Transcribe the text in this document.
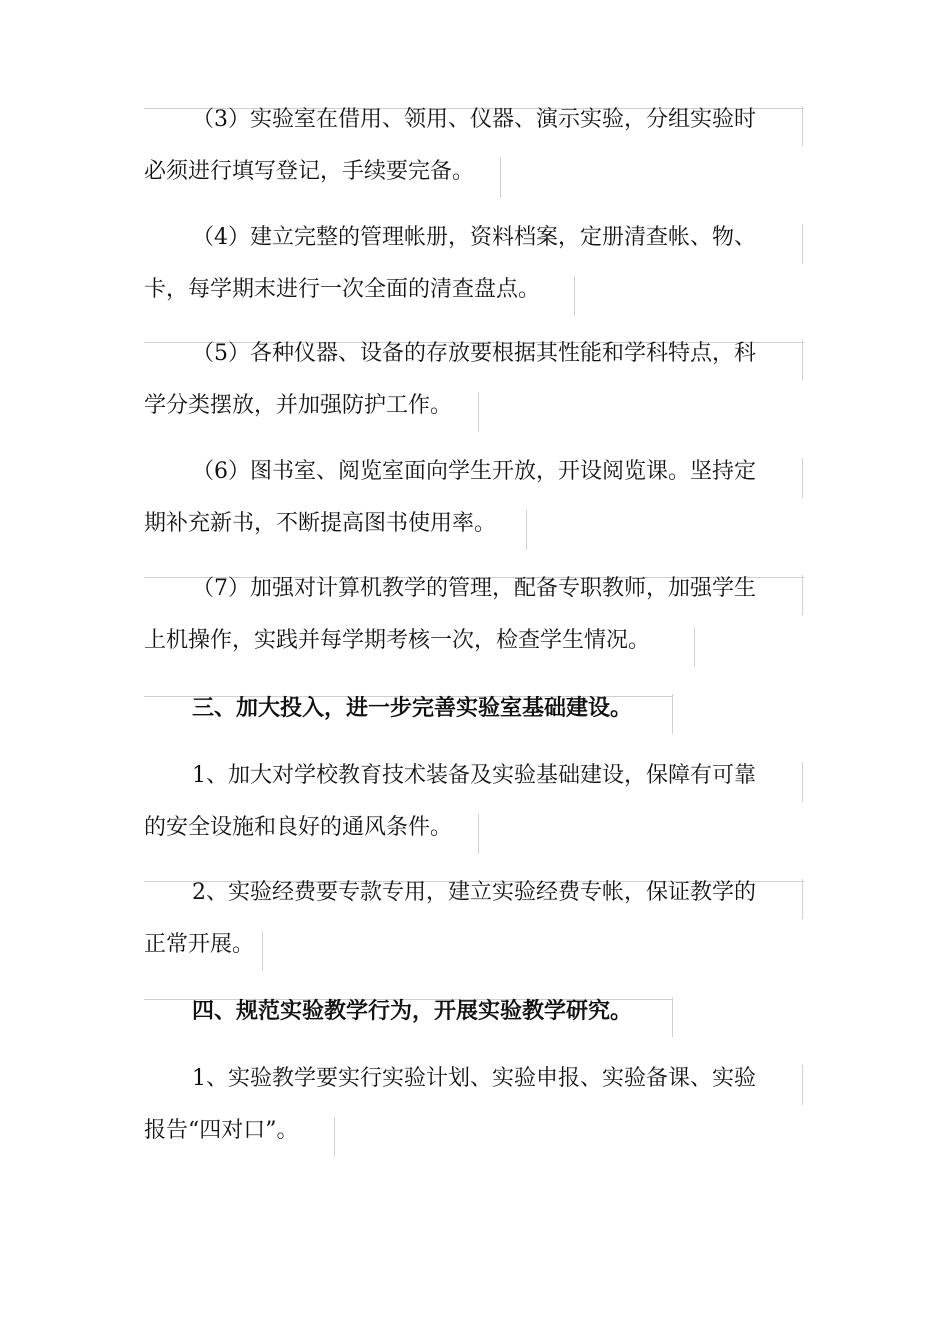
（3）实验室在借用、领用、仪器、演示实验，分组实验时
必须进行填写登记，手续要完备。
（4）建立完整的管理帐册，资料档案，定册清查帐、物、
卡，每学期末进行一次全面的清查盘点。
（5）各种仪器、设备的存放要根据其性能和学科特点，科
学分类摆放，并加强防护工作。
（6）图书室、阅览室面向学生开放，开设阅览课。坚持定
期补充新书，不断提高图书使用率。
（7）加强对计算机教学的管理，配备专职教师，加强学生
上机操作，实践并每学期考核一次，检查学生情况。
三、加大投入，进一步完善实验室基础建设。
1、加大对学校教育技术装备及实验基础建设，保障有可靠
的安全设施和良好的通风条件。
2、实验经费要专款专用，建立实验经费专帐，保证教学的
正常开展。
四、规范实验教学行为，开展实验教学研究。
1、实验教学要实行实验计划、实验申报、实验备课、实验
报告“四对口”。
